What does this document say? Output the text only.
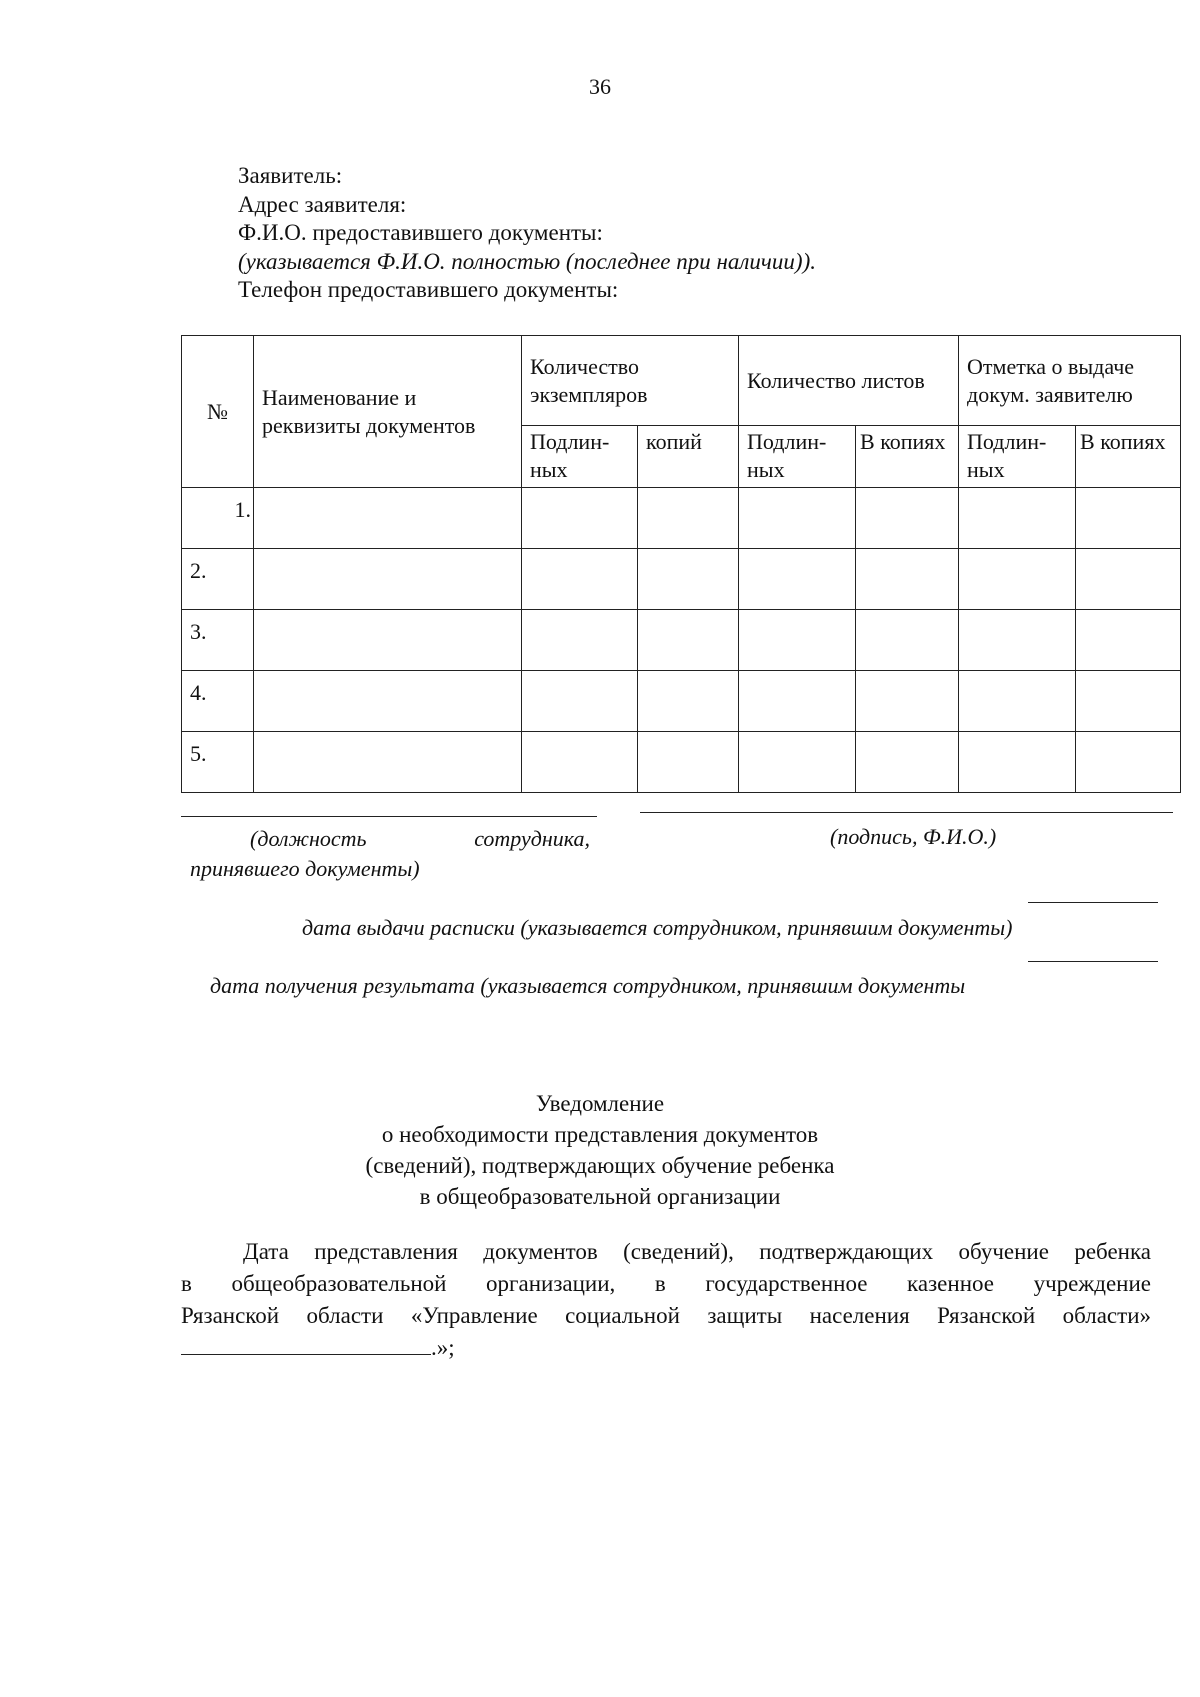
36
Заявитель:
Адрес заявителя:
Ф.И.О. предоставившего документы:
(указывается Ф.И.О. полностью (последнее при наличии)).
Телефон предоставившего документы:
№	Наименование и реквизиты документов	Количество экземпляров		Количество листов		Отметка о выдаче докум. заявителю	
		Подлин-ных	копий	Подлин-ных	В копиях	Подлин-ных	В копиях
1.							
2.							
3.							
4.							
5.							
(должность	сотрудника,
принявшего документы)
(подпись, Ф.И.О.)
дата выдачи расписки (указывается сотрудником, принявшим документы)
дата получения результата (указывается сотрудником, принявшим документы
Уведомление
о необходимости представления документов
(сведений), подтверждающих обучение ребенка
в общеобразовательной организации
Дата представления документов (сведений), подтверждающих обучение ребенка
в общеобразовательной организации, в государственное казенное учреждение
Рязанской области «Управление социальной защиты населения Рязанской области»
.»;
